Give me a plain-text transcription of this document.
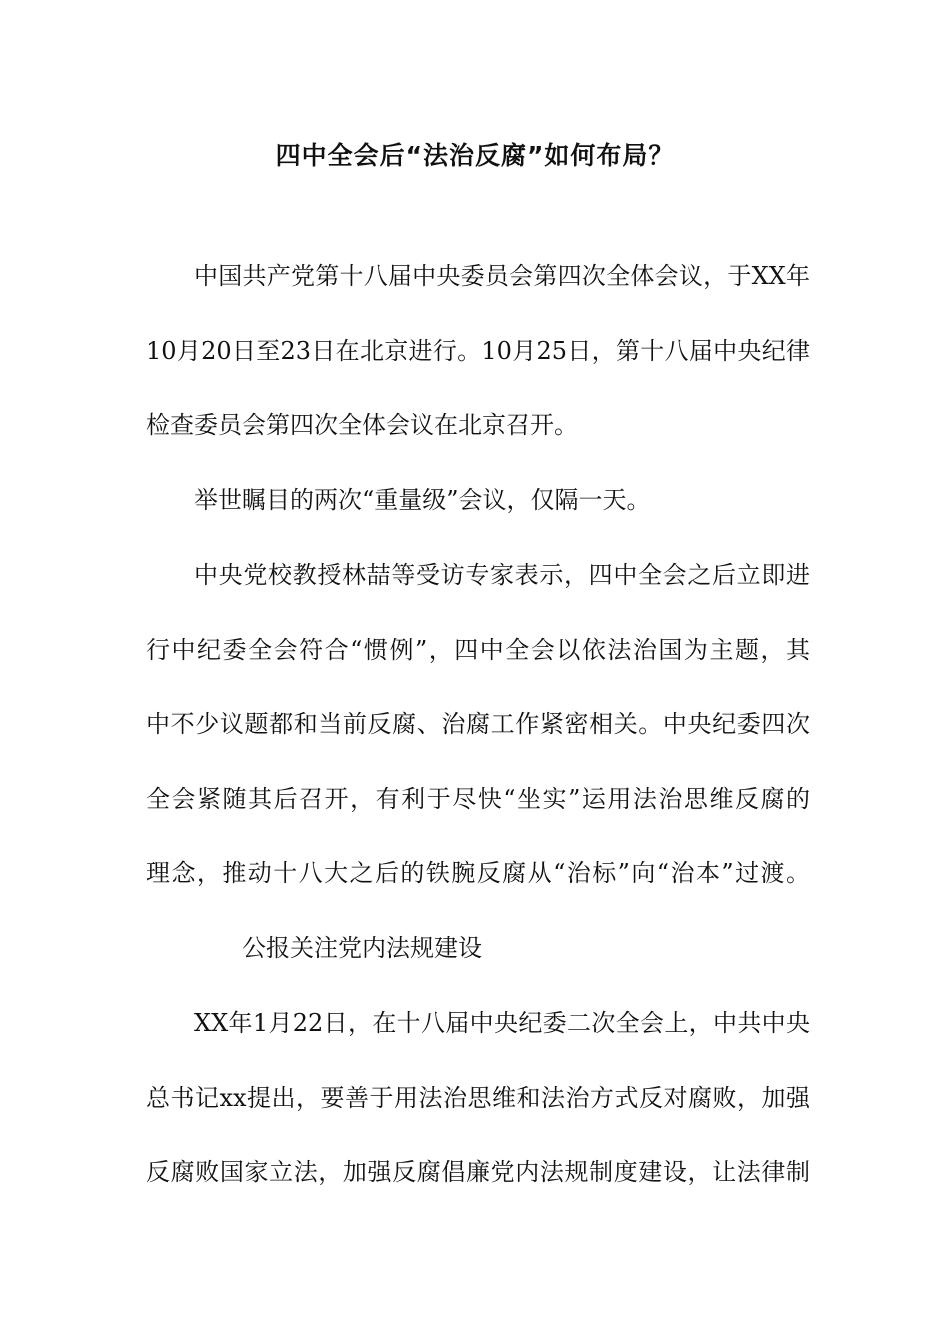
四中全会后“法治反腐”如何布局？

中国共产党第十八届中央委员会第四次全体会议，于XX年

10月20日至23日在北京进行。10月25日，第十八届中央纪律

检查委员会第四次全体会议在北京召开。

举世瞩目的两次“重量级”会议，仅隔一天。

中央党校教授林喆等受访专家表示，四中全会之后立即进

行中纪委全会符合“惯例”，四中全会以依法治国为主题，其

中不少议题都和当前反腐、治腐工作紧密相关。中央纪委四次

全会紧随其后召开，有利于尽快“坐实”运用法治思维反腐的

理念，推动十八大之后的铁腕反腐从“治标”向“治本”过渡。

公报关注党内法规建设

XX年1月22日，在十八届中央纪委二次全会上，中共中央

总书记xx提出，要善于用法治思维和法治方式反对腐败，加强

反腐败国家立法，加强反腐倡廉党内法规制度建设，让法律制
